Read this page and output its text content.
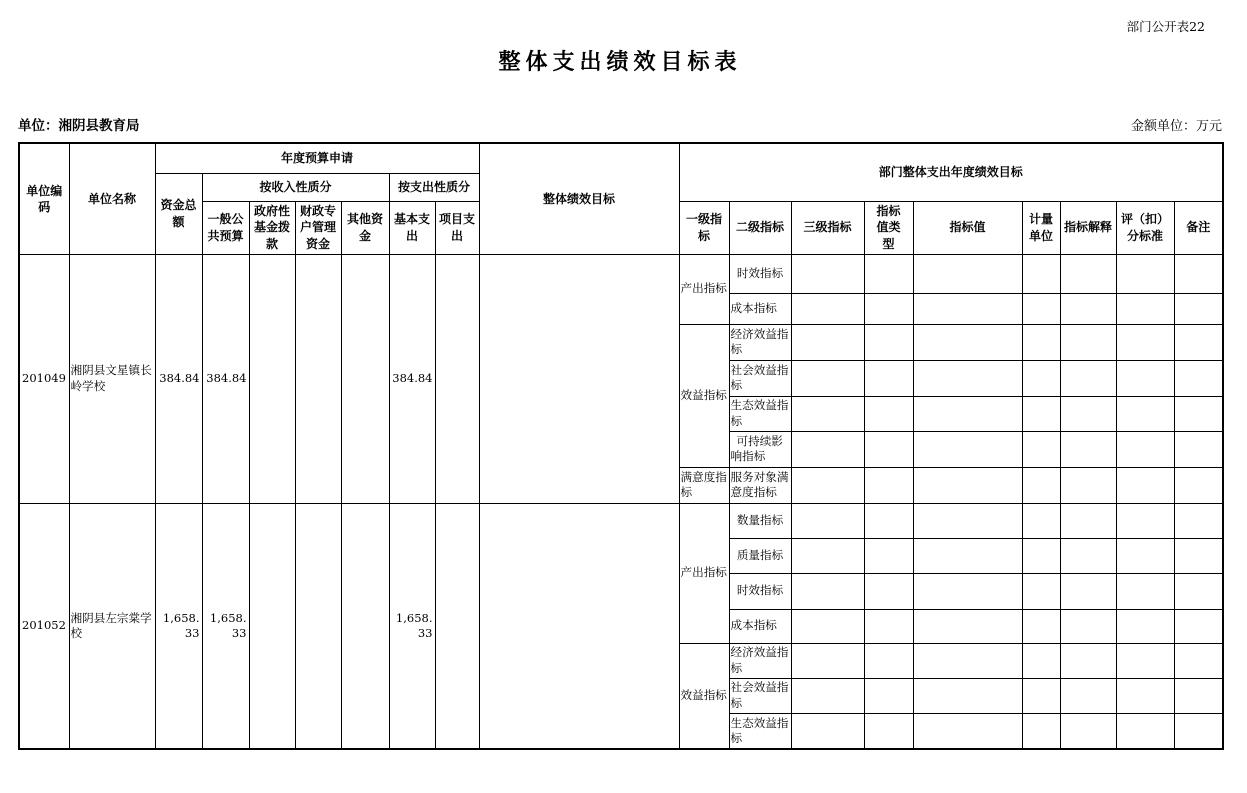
部门公开表22
整体支出绩效目标表
单位：湘阴县教育局	金额单位：万元
单位编码	单位名称	年度预算申请							整体绩效目标	部门整体支出年度绩效目标								
		资金总额	按收入性质分				按支出性质分											
			一般公共预算	政府性基金拨款	财政专户管理资金	其他资金	基本支出	项目支出		一级指标	二级指标	三级指标	指标值类型	指标值	计量单位	指标解释	评（扣）分标准	备注
201049	湘阴县文星镇长岭学校	384.84	384.84				384.84			产出指标	时效指标							
											成本指标							
										效益指标	经济效益指标							
											社会效益指标							
											生态效益指标							
											可持续影响指标							
										满意度指标	服务对象满意度指标							
201052	湘阴县左宗棠学校	1,658.33	1,658.33				1,658.33			产出指标	数量指标							
											质量指标							
											时效指标							
											成本指标							
										效益指标	经济效益指标							
											社会效益指标							
											生态效益指标							
